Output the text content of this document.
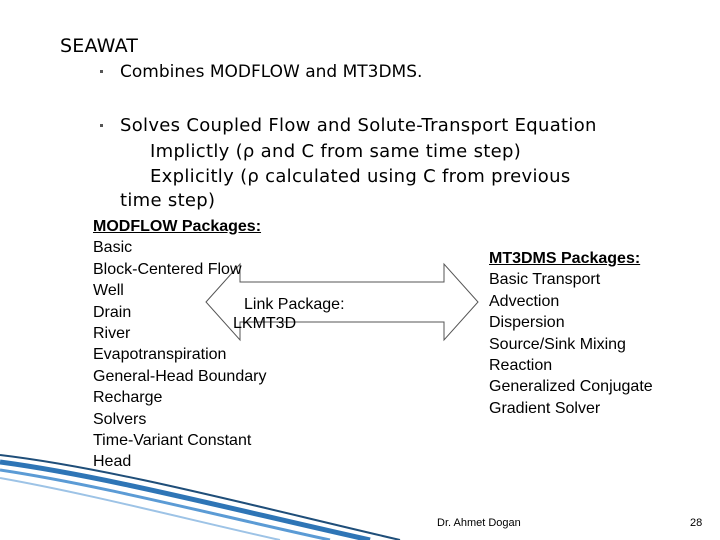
SEAWAT
Combines MODFLOW and MT3DMS.
Solves Coupled Flow and Solute-Transport Equation
Implictly (ρ and C from same time step)
Explicitly (ρ calculated using C from previous
time step)
MODFLOW Packages:
Basic
Block-Centered Flow
Well
Drain
River
Evapotranspiration
General-Head Boundary
Recharge
Solvers
Time-Variant Constant
Head
Link Package:
LKMT3D
MT3DMS Packages:
Basic Transport
Advection
Dispersion
Source/Sink Mixing
Reaction
Generalized Conjugate
Gradient Solver
Dr. Ahmet Dogan	28
